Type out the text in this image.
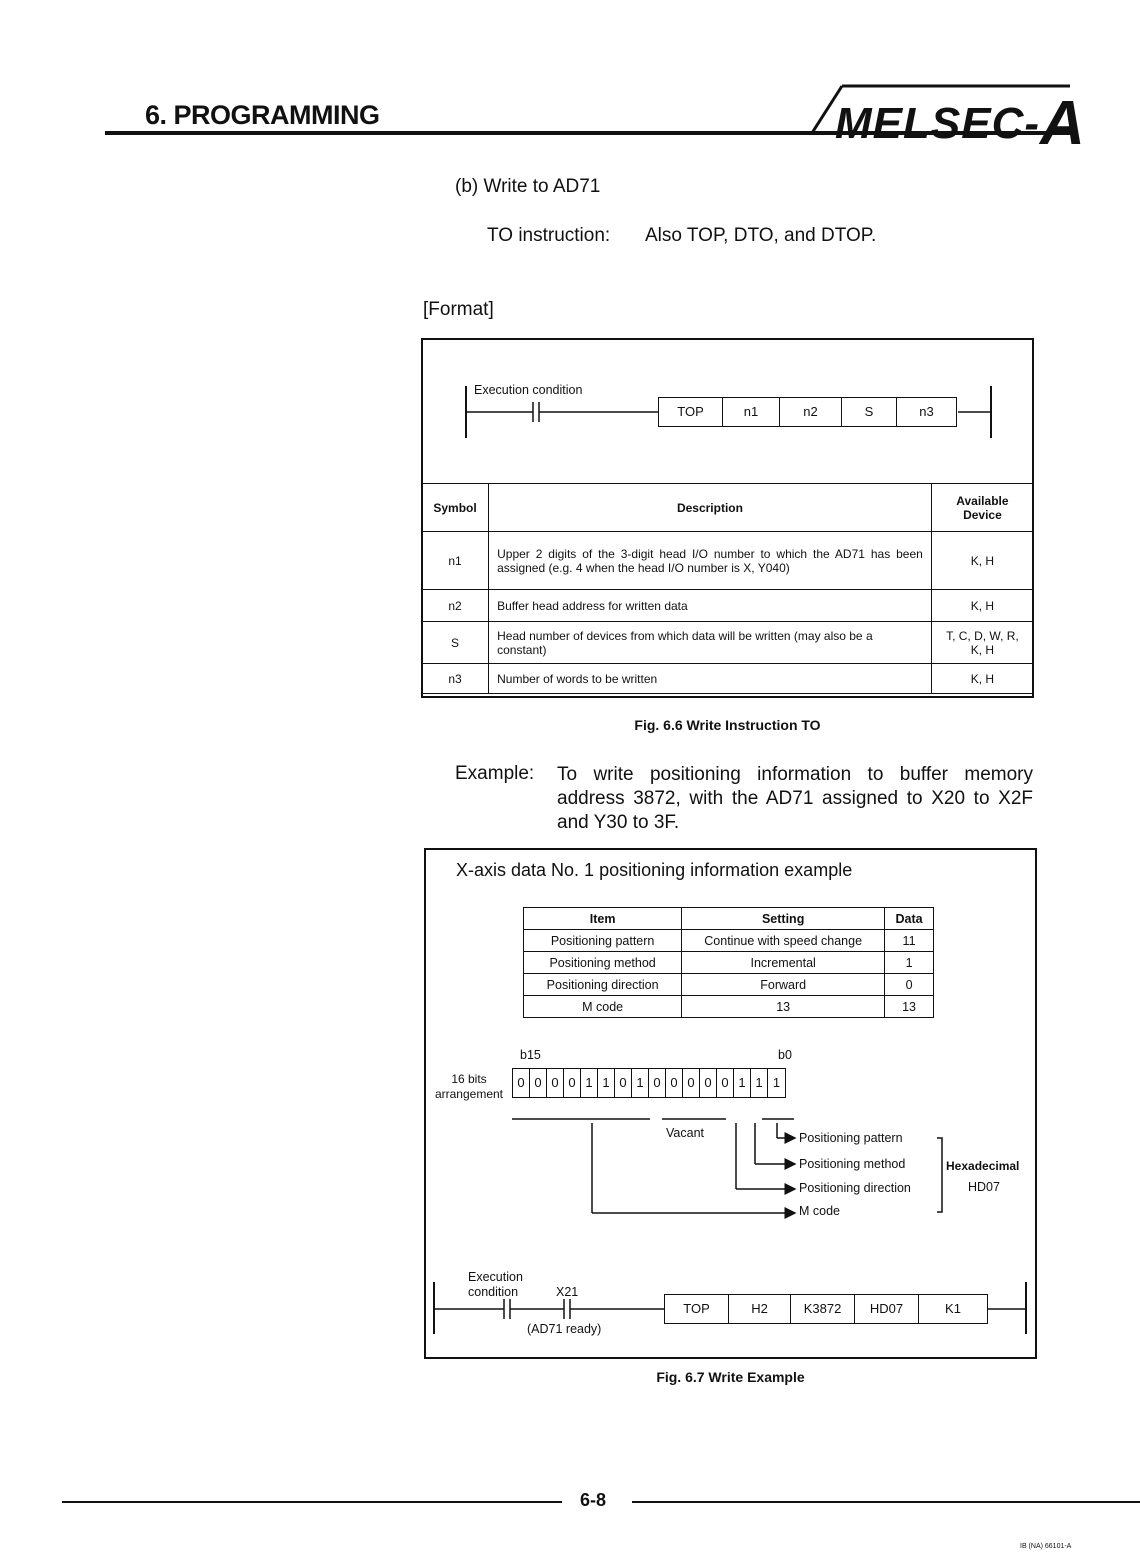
6. PROGRAMMING	MELSEC-A
(b) Write to AD71
TO instruction: Also TOP, DTO, and DTOP.
[Format]
Execution condition
TOP	n1	n2	S	n3
Symbol	Description	Available
Device
n1	Upper 2 digits of the 3-digit head I/O number to which the AD71 has been assigned (e.g. 4 when the head I/O number is X, Y040)	K, H
n2	Buffer head address for written data	K, H
S	Head number of devices from which data will be written (may also be a constant)	T, C, D, W, R, K, H
n3	Number of words to be written	K, H
Fig. 6.6 Write Instruction TO
Example: To write positioning information to buffer memory address 3872, with the AD71 assigned to X20 to X2F and Y30 to 3F.
X-axis data No. 1 positioning information example
Item	Setting	Data
Positioning pattern	Continue with speed change	11
Positioning method	Incremental	1
Positioning direction	Forward	0
M code	13	13
b15	b0
16 bits
arrangement
0 0 0 0 1 1 0 1 0 0 0 0 0 1 1 1
Vacant	Positioning pattern
Positioning method
Positioning direction
M code
Hexadecimal
HD07
Execution
condition	X21
(AD71 ready)
TOP	H2	K3872	HD07	K1
Fig. 6.7 Write Example
6-8
IB (NA) 66101-A
